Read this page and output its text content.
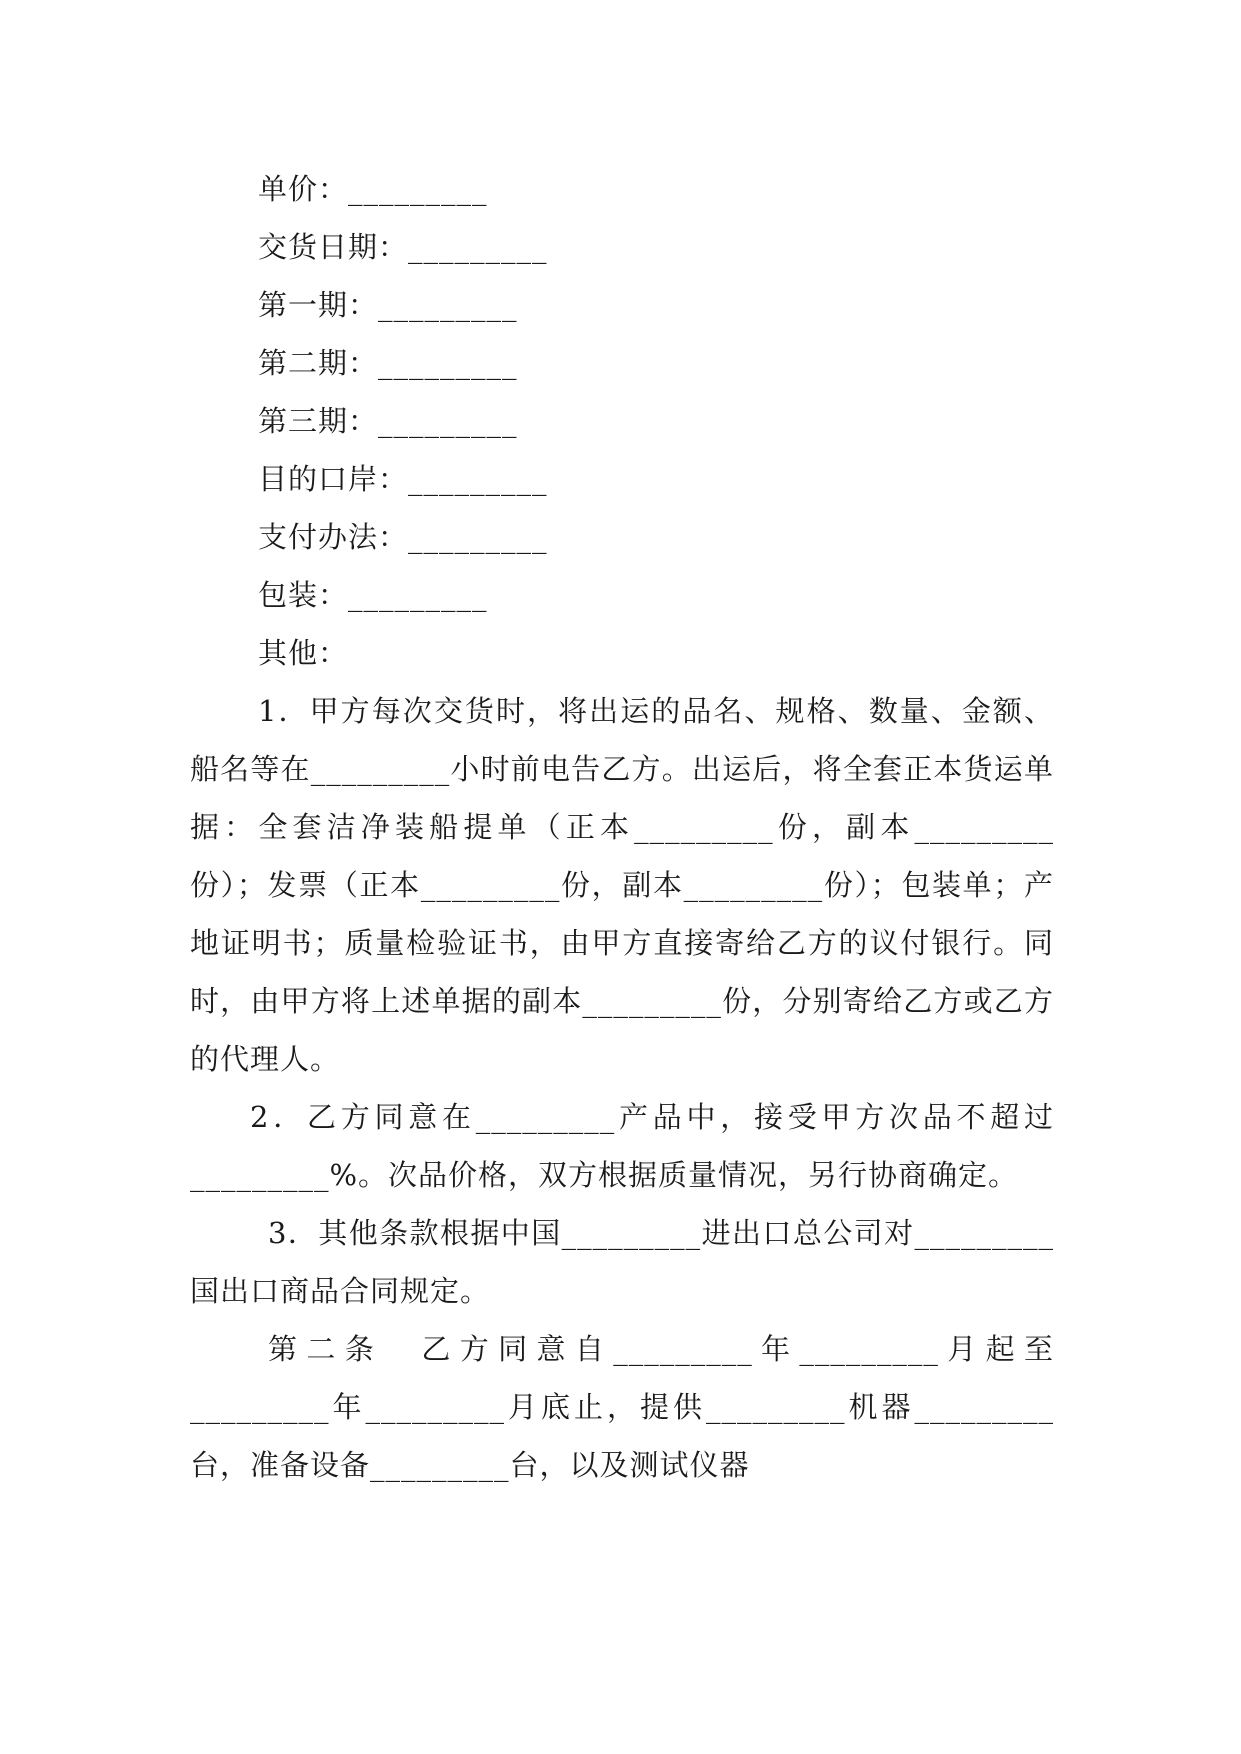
单价：_________
交货日期：_________
第一期：_________
第二期：_________
第三期：_________
目的口岸：_________
支付办法：_________
包装：_________
其他：

1．甲方每次交货时，将出运的品名、规格、数量、金额、船名等在_________小时前电告乙方。出运后，将全套正本货运单据：全套洁净装船提单（正本_________份，副本_________份）；发票（正本_________份，副本_________份）；包装单；产地证明书；质量检验证书，由甲方直接寄给乙方的议付银行。同时，由甲方将上述单据的副本_________份，分别寄给乙方或乙方的代理人。

2．乙方同意在_________产品中，接受甲方次品不超过_________%。次品价格，双方根据质量情况，另行协商确定。

3．其他条款根据中国_________进出口总公司对_________国出口商品合同规定。

第二条　乙方同意自_________年_________月起至_________年_________月底止，提供_________机器_________台，准备设备_________台，以及测试仪器
